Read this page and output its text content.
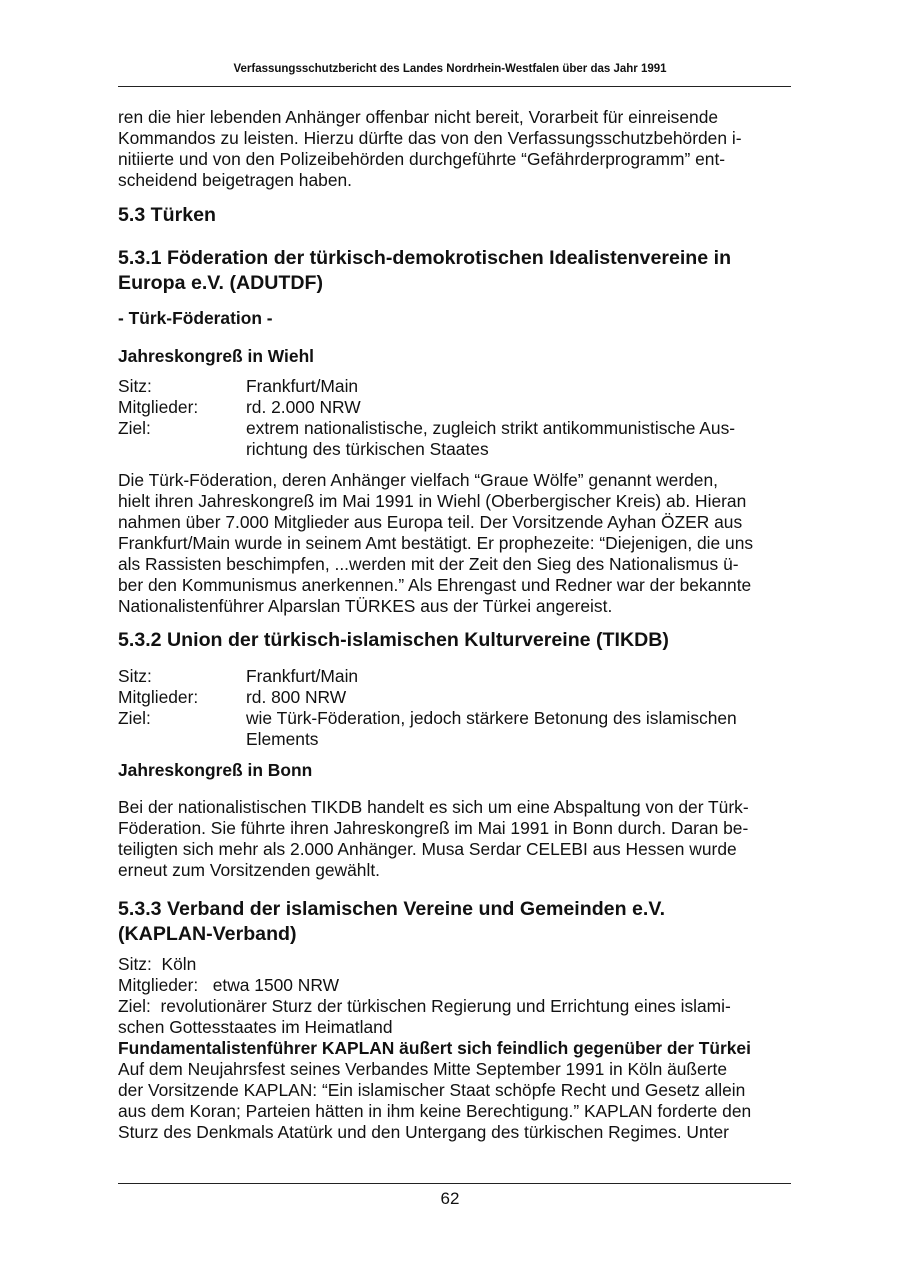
Verfassungsschutzbericht des Landes Nordrhein-Westfalen über das Jahr 1991
ren die hier lebenden Anhänger offenbar nicht bereit, Vorarbeit für einreisende
Kommandos zu leisten. Hierzu dürfte das von den Verfassungsschutzbehörden i-
nitiierte und von den Polizeibehörden durchgeführte “Gefährderprogramm” ent-
scheidend beigetragen haben.
5.3 Türken
5.3.1 Föderation der türkisch-demokrotischen Idealistenvereine in
Europa e.V. (ADUTDF)
- Türk-Föderation -
Jahreskongreß in Wiehl
Sitz:	Frankfurt/Main
Mitglieder:	rd. 2.000 NRW
Ziel:	extrem nationalistische, zugleich strikt antikommunistische Aus-
richtung des türkischen Staates
Die Türk-Föderation, deren Anhänger vielfach “Graue Wölfe” genannt werden,
hielt ihren Jahreskongreß im Mai 1991 in Wiehl (Oberbergischer Kreis) ab. Hieran
nahmen über 7.000 Mitglieder aus Europa teil. Der Vorsitzende Ayhan ÖZER aus
Frankfurt/Main wurde in seinem Amt bestätigt. Er prophezeite: “Diejenigen, die uns
als Rassisten beschimpfen, ...werden mit der Zeit den Sieg des Nationalismus ü-
ber den Kommunismus anerkennen.” Als Ehrengast und Redner war der bekannte
Nationalistenführer Alparslan TÜRKES aus der Türkei angereist.
5.3.2 Union der türkisch-islamischen Kulturvereine (TIKDB)
Sitz:	Frankfurt/Main
Mitglieder:	rd. 800 NRW
Ziel:	wie Türk-Föderation, jedoch stärkere Betonung des islamischen
Elements
Jahreskongreß in Bonn
Bei der nationalistischen TIKDB handelt es sich um eine Abspaltung von der Türk-
Föderation. Sie führte ihren Jahreskongreß im Mai 1991 in Bonn durch. Daran be-
teiligten sich mehr als 2.000 Anhänger. Musa Serdar CELEBI aus Hessen wurde
erneut zum Vorsitzenden gewählt.
5.3.3 Verband der islamischen Vereine und Gemeinden e.V.
(KAPLAN-Verband)
Sitz:  Köln
Mitglieder:   etwa 1500 NRW
Ziel:  revolutionärer Sturz der türkischen Regierung und Errichtung eines islami-
schen Gottesstaates im Heimatland
Fundamentalistenführer KAPLAN äußert sich feindlich gegenüber der Türkei
Auf dem Neujahrsfest seines Verbandes Mitte September 1991 in Köln äußerte
der Vorsitzende KAPLAN: “Ein islamischer Staat schöpfe Recht und Gesetz allein
aus dem Koran; Parteien hätten in ihm keine Berechtigung.” KAPLAN forderte den
Sturz des Denkmals Atatürk und den Untergang des türkischen Regimes. Unter
62
